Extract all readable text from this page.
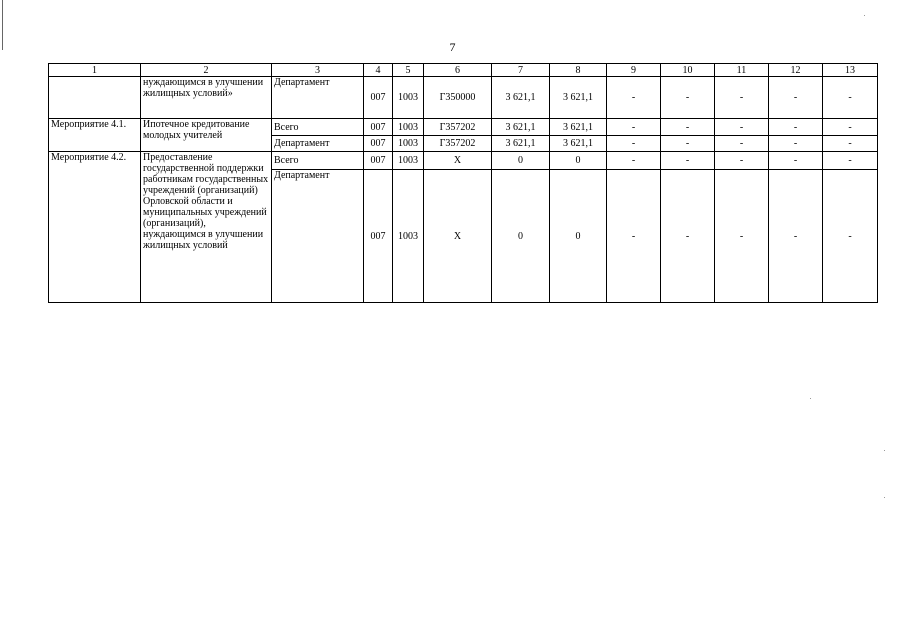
7
1	2	3	4	5	6	7	8	9	10	11	12	13
	нуждающимся в улучшении жилищных условий»	Департамент	007	1003	Г350000	3 621,1	3 621,1	-	-	-	-	-
Мероприятие 4.1.	Ипотечное кредитование молодых учителей	Всего	007	1003	Г357202	3 621,1	3 621,1	-	-	-	-	-
		Департамент	007	1003	Г357202	3 621,1	3 621,1	-	-	-	-	-
Мероприятие 4.2.	Предоставление государственной поддержки работникам государственных учреждений (организаций) Орловской области и муниципальных учреждений (организаций), нуждающимся в улучшении жилищных условий	Всего	007	1003	Х	0	0	-	-	-	-	-
		Департамент	007	1003	Х	0	0	-	-	-	-	-
